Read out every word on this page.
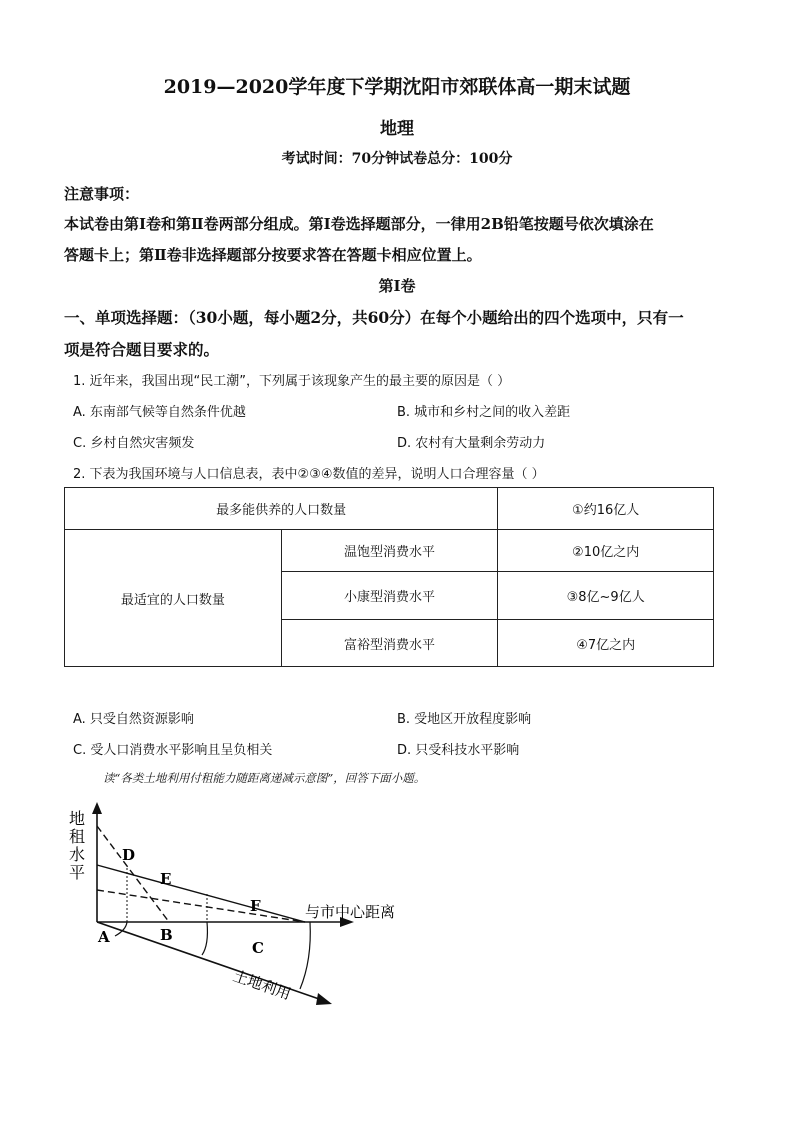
2019—2020学年度下学期沈阳市郊联体高一期末试题
地理
考试时间：70分钟试卷总分：100分
注意事项：
本试卷由第Ⅰ卷和第Ⅱ卷两部分组成。第Ⅰ卷选择题部分，一律用2B铅笔按题号依次填涂在
答题卡上；第Ⅱ卷非选择题部分按要求答在答题卡相应位置上。
第Ⅰ卷
一、单项选择题：（30小题，每小题2分，共60分）在每个小题给出的四个选项中，只有一
项是符合题目要求的。
1. 近年来，我国出现“民工潮”，下列属于该现象产生的最主要的原因是（ ）
A. 东南部气候等自然条件优越	B. 城市和乡村之间的收入差距
C. 乡村自然灾害频发	D. 农村有大量剩余劳动力
2. 下表为我国环境与人口信息表，表中②③④数值的差异，说明人口合理容量（ ）
最多能供养的人口数量		①约16亿人
最适宜的人口数量	温饱型消费水平	②10亿之内
	小康型消费水平	③8亿~9亿人
	富裕型消费水平	④7亿之内
A. 只受自然资源影响	B. 受地区开放程度影响
C. 受人口消费水平影响且呈负相关	D. 只受科技水平影响
读“各类土地利用付租能力随距离递减示意图”，回答下面小题。
地
租
水
平
D
E
F
A	B
C
与市中心距离
土地利用
